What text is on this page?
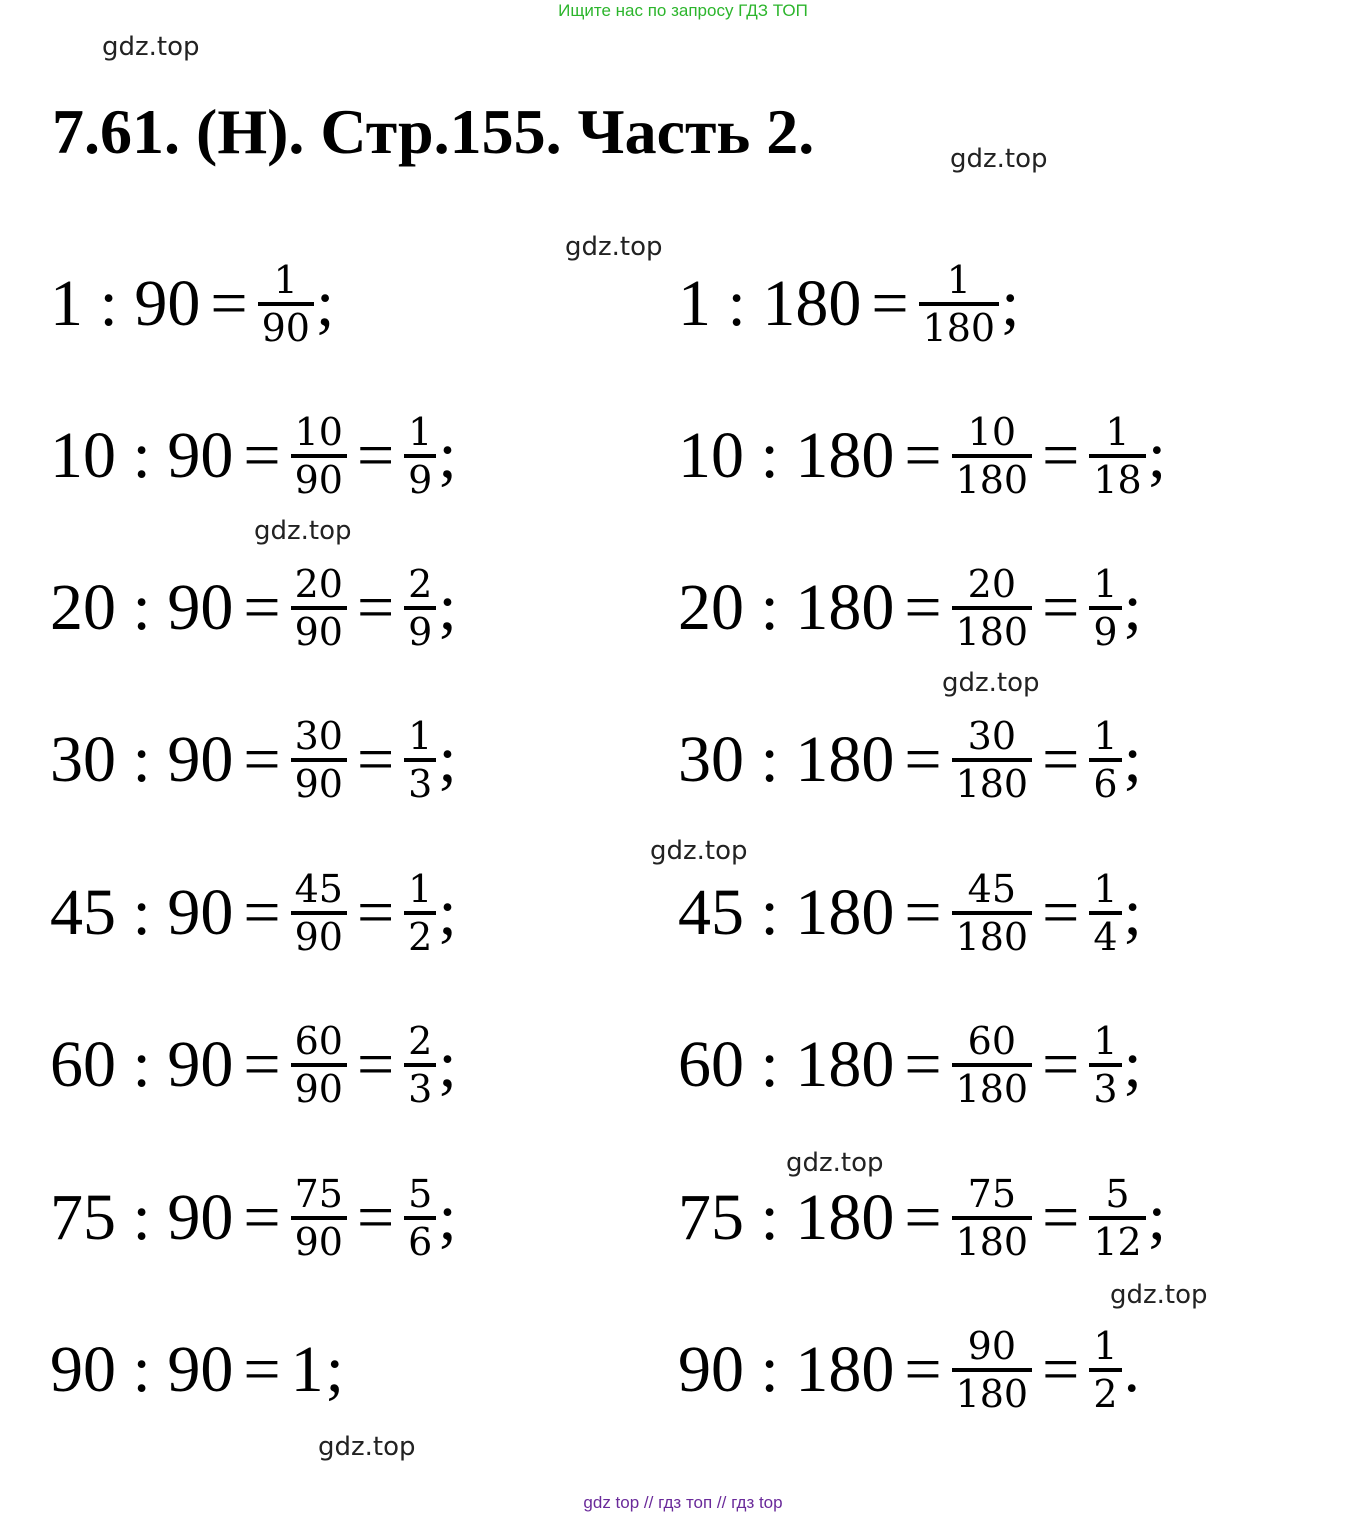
Ищите нас по запросу ГДЗ ТОП
7.61. (Н). Стр.155. Часть 2.
gdz.top
gdz.top
gdz.top
gdz.top
gdz.top
gdz.top
gdz.top
gdz.top
gdz.top
1 : $90 = \frac{1}{90}$ ;
10 : $90 = \frac{10}{90} = \frac{1}{9}$ ;
20 : $90 = \frac{20}{90} = \frac{2}{9}$ ;
30 : $90 = \frac{30}{90} = \frac{1}{3}$ ;
45 : $90 = \frac{45}{90} = \frac{1}{2}$ ;
60 : $90 = \frac{60}{90} = \frac{2}{3}$ ;
75 : $90 = \frac{75}{90} = \frac{5}{6}$ ;
90 : 90 = 1 ;
1 : $180 = \frac{1}{180}$ ;
10 : $180 = \frac{10}{180} = \frac{1}{18}$ ;
20 : $180 = \frac{20}{180} = \frac{1}{9}$ ;
30 : $180 = \frac{30}{180} = \frac{1}{6}$ ;
45 : $180 = \frac{45}{180} = \frac{1}{4}$ ;
60 : $180 = \frac{60}{180} = \frac{1}{3}$ ;
75 : $180 = \frac{75}{180} = \frac{5}{12}$ ;
90 : $180 = \frac{90}{180} = \frac{1}{2}$ .
gdz top // гдз топ // гдз top
